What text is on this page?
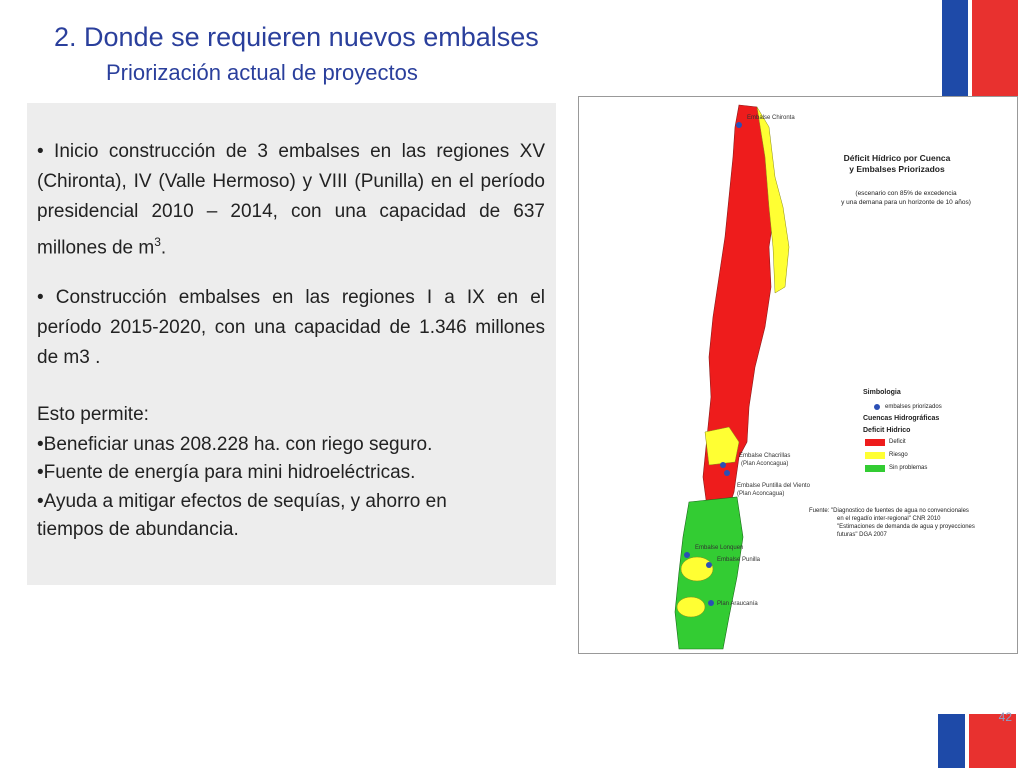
2. Donde se requieren nuevos embalses
Priorización actual de proyectos
• Inicio construcción de 3 embalses en las regiones XV (Chironta), IV (Valle Hermoso) y VIII (Punilla) en el período presidencial 2010 – 2014, con una capacidad de 637 millones de $m^3$.
• Construcción embalses en las regiones I a IX en el período 2015-2020, con una capacidad de 1.346 millones de m3 .
Esto permite:
•Beneficiar unas 208.228 ha. con riego seguro.
•Fuente de energía para mini hidroeléctricas.
•Ayuda a mitigar efectos de sequías, y ahorro en
tiempos de abundancia.
Embalse Chironta
Embalse Chacrillas
(Plan Aconcagua)
Embalse Puntilla del Viento
(Plan Aconcagua)
Embalse Lonquen
Embalse Punilla
Plan Araucanía
Déficit Hídrico por Cuenca
y Embalses Priorizados
(escenario con 85% de excedencia
y una demana para un horizonte de 10 años)
Simbologia
embalses priorizados
Cuencas Hidrográficas
Deficit Hidrico
Deficit
Riesgo
Sin problemas
Fuente: "Diagnostico de fuentes de agua no convencionales
en el regadío inter-regional" CNR 2010
"Estimaciones de demanda de agua y proyecciones
futuras" DGA 2007
42
